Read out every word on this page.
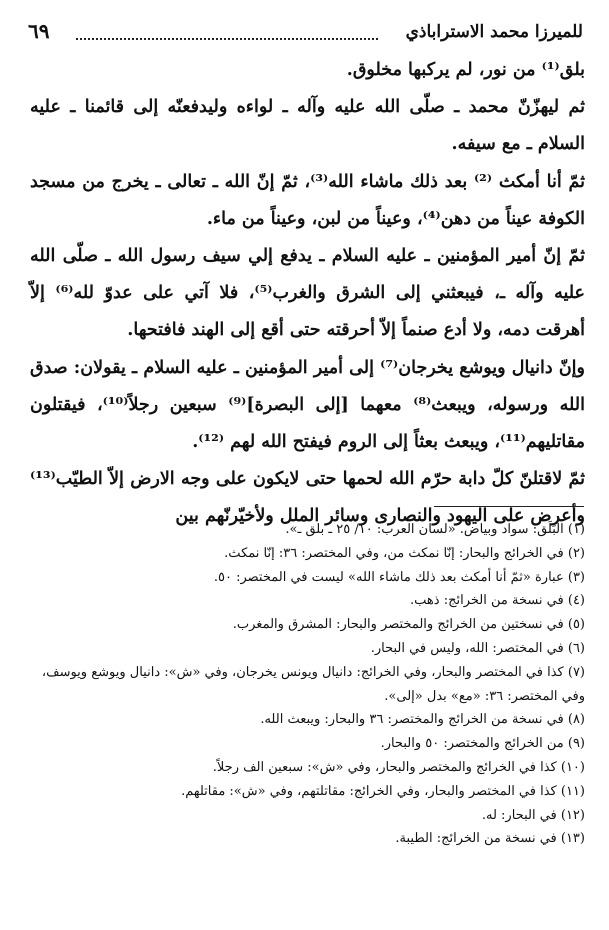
للميرزا محمد الاستراباذي
٦٩

بلق⁽¹⁾ من نور، لم يركبها مخلوق.

ثم ليهزّنّ محمد ـ صلّى الله عليه وآله ـ لواءه وليدفعنّه إلى قائمنا ـ عليه السلام ـ مع سيفه.

ثمّ أنا أمكث ⁽²⁾ بعد ذلك ماشاء الله⁽³⁾، ثمّ إنّ الله ـ تعالى ـ يخرج من مسجد الكوفة عيناً من دهن⁽⁴⁾، وعيناً من لبن، وعيناً من ماء.

ثمّ إنّ أمير المؤمنين ـ عليه السلام ـ يدفع إلي سيف رسول الله ـ صلّى الله عليه وآله ـ، فيبعثني إلى الشرق والغرب⁽⁵⁾، فلا آتي على عدوّ لله⁽⁶⁾ إلاّ أهرقت دمه، ولا أدع صنماً إلاّ أحرقته حتى أقع إلى الهند فافتحها.

وإنّ دانيال ويوشع يخرجان⁽⁷⁾ إلى أمير المؤمنين ـ عليه السلام ـ يقولان: صدق الله ورسوله، ويبعث⁽⁸⁾ معهما [إلى البصرة]⁽⁹⁾ سبعين رجلاً⁽¹⁰⁾، فيقتلون مقاتليهم⁽¹¹⁾، ويبعث بعثاً إلى الروم فيفتح الله لهم ⁽¹²⁾.

ثمّ لاقتلنّ كلّ دابة حرّم الله لحمها حتى لايكون على وجه الارض إلاّ الطيّب⁽¹³⁾ وأعرض على اليهود والنصارى وسائر الملل ولأخيّرنّهم بين

(١) البَلَق: سواد وبياض. «لسان العرب: ١٠/ ٢٥ ـ بلق ـ».
(٢) في الخرائج والبحار: إنّا نمكث من، وفي المختصر: ٣٦: إنّا نمكث.
(٣) عبارة «ثمّ أنا أمكث بعد ذلك ماشاء الله» ليست في المختصر: ٥٠.
(٤) في نسخة من الخرائج: ذهب.
(٥) في نسختين من الخرائج والمختصر والبحار: المشرق والمغرب.
(٦) في المختصر: الله، وليس في البحار.
(٧) كذا في المختصر والبحار، وفي الخرائج: دانيال ويونس يخرجان، وفي «ش»: دانيال ويوشع ويوسف، وفي المختصر: ٣٦: «مع» بدل «إلى».
(٨) في نسخة من الخرائج والمختصر: ٣٦ والبحار: ويبعث الله.
(٩) من الخرائج والمختصر: ٥٠ والبحار.
(١٠) كذا في الخرائج والمختصر والبحار، وفي «ش»: سبعين الف رجلاً.
(١١) كذا في المختصر والبحار، وفي الخرائج: مقاتلتهم، وفي «ش»: مقاتلهم.
(١٢) في البحار: له.
(١٣) في نسخة من الخرائج: الطيبة.
